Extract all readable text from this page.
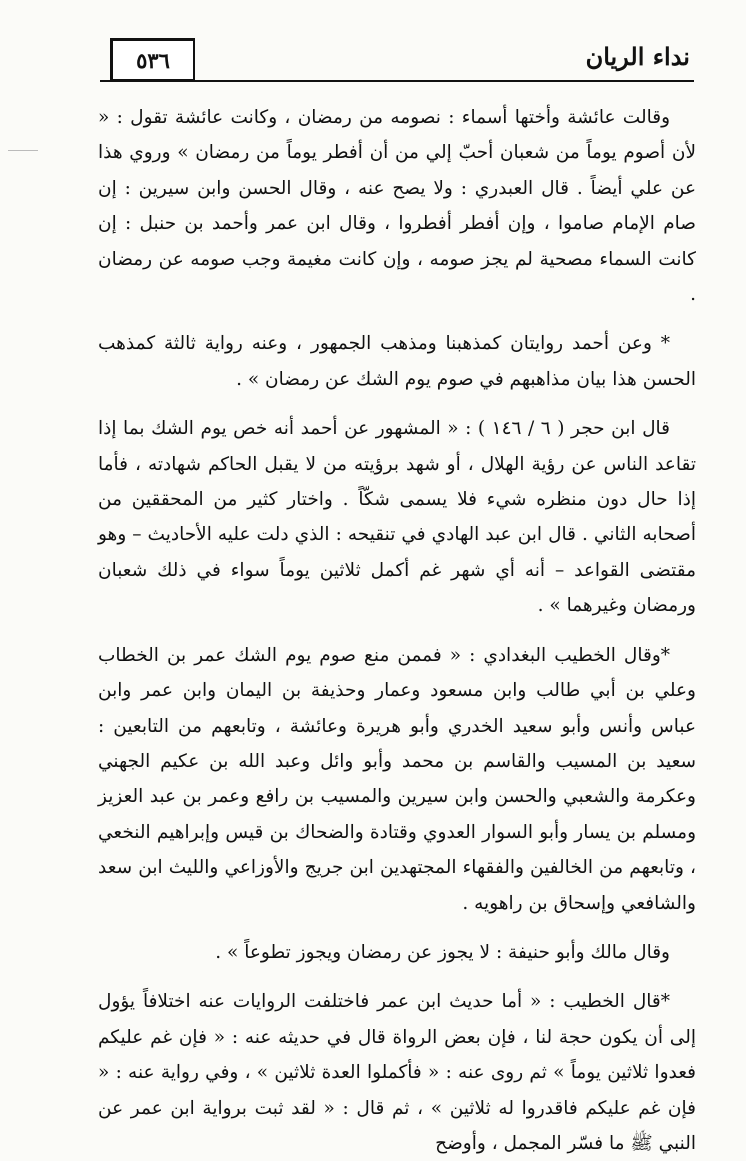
٥٣٦	نداء الريان

وقالت عائشة وأختها أسماء : نصومه من رمضان ، وكانت عائشة تقول : « لأن أصوم يوماً من شعبان أحبّ إلي من أن أفطر يوماً من رمضان » وروي هذا عن علي أيضاً . قال العبدري : ولا يصح عنه ، وقال الحسن وابن سيرين : إن صام الإمام صاموا ، وإن أفطر أفطروا ، وقال ابن عمر وأحمد بن حنبل : إن كانت السماء مصحية لم يجز صومه ، وإن كانت مغيمة وجب صومه عن رمضان .

* وعن أحمد روايتان كمذهبنا ومذهب الجمهور ، وعنه رواية ثالثة كمذهب الحسن هذا بيان مذاهبهم في صوم يوم الشك عن رمضان » .

قال ابن حجر ( ٦ / ١٤٦ ) : « المشهور عن أحمد أنه خص يوم الشك بما إذا تقاعد الناس عن رؤية الهلال ، أو شهد برؤيته من لا يقبل الحاكم شهادته ، فأما إذا حال دون منظره شيء فلا يسمى شكّاً . واختار كثير من المحققين من أصحابه الثاني . قال ابن عبد الهادي في تنقيحه : الذي دلت عليه الأحاديث – وهو مقتضى القواعد – أنه أي شهر غم أكمل ثلاثين يوماً سواء في ذلك شعبان ورمضان وغيرهما » .

*وقال الخطيب البغدادي : « فممن منع صوم يوم الشك عمر بن الخطاب وعلي بن أبي طالب وابن مسعود وعمار وحذيفة بن اليمان وابن عمر وابن عباس وأنس وأبو سعيد الخدري وأبو هريرة وعائشة ، وتابعهم من التابعين : سعيد بن المسيب والقاسم بن محمد وأبو وائل وعبد الله بن عكيم الجهني وعكرمة والشعبي والحسن وابن سيرين والمسيب بن رافع وعمر بن عبد العزيز ومسلم بن يسار وأبو السوار العدوي وقتادة والضحاك بن قيس وإبراهيم النخعي ، وتابعهم من الخالفين والفقهاء المجتهدين ابن جريج والأوزاعي والليث ابن سعد والشافعي وإسحاق بن راهويه .

وقال مالك وأبو حنيفة : لا يجوز عن رمضان ويجوز تطوعاً » .

*قال الخطيب : « أما حديث ابن عمر فاختلفت الروايات عنه اختلافاً يؤول إلى أن يكون حجة لنا ، فإن بعض الرواة قال في حديثه عنه : « فإن غم عليكم فعدوا ثلاثين يوماً » ثم روى عنه : « فأكملوا العدة ثلاثين » ، وفي رواية عنه : « فإن غم عليكم فاقدروا له ثلاثين » ، ثم قال : « لقد ثبت برواية ابن عمر عن النبي ﷺ ما فسّر المجمل ، وأوضح
